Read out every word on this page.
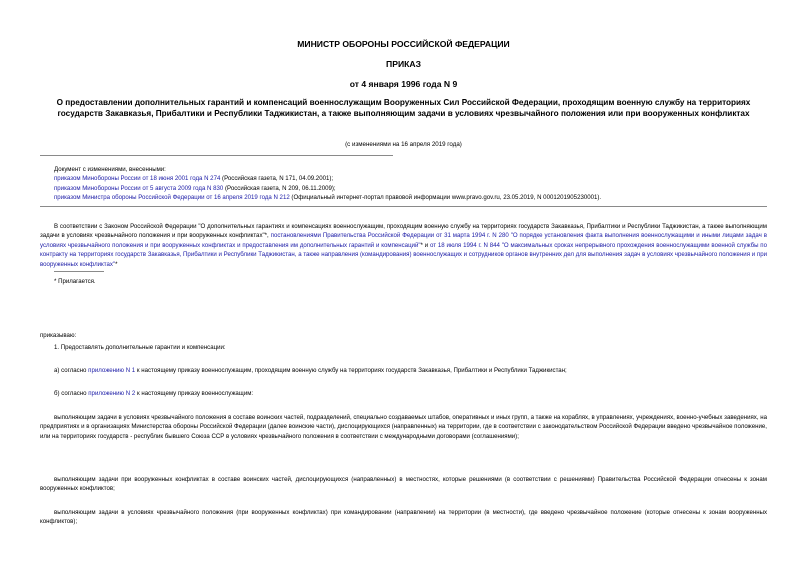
МИНИСТР ОБОРОНЫ РОССИЙСКОЙ ФЕДЕРАЦИИ
ПРИКАЗ
от 4 января 1996 года N 9
О предоставлении дополнительных гарантий и компенсаций военнослужащим Вооруженных Сил Российской Федерации, проходящим военную службу на территориях государств Закавказья, Прибалтики и Республики Таджикистан, а также выполняющим задачи в условиях чрезвычайного положения или при вооруженных конфликтах
(с изменениями на 16 апреля 2019 года)
Документ с изменениями, внесенными:
приказом Минобороны России от 18 июня 2001 года N 274 (Российская газета, N 171, 04.09.2001);
приказом Минобороны России от 5 августа 2009 года N 830 (Российская газета, N 209, 06.11.2009);
приказом Министра обороны Российской Федерации от 16 апреля 2019 года N 212 (Официальный интернет-портал правовой информации www.pravo.gov.ru, 23.05.2019, N 0001201905230001).
В соответствии с Законом Российской Федерации "О дополнительных гарантиях и компенсациях военнослужащим, проходящим военную службу на территориях государств Закавказья, Прибалтики и Республики Таджикистан, а также выполняющим задачи в условиях чрезвычайного положения и при вооруженных конфликтах"*, постановлениями Правительства Российской Федерации от 31 марта 1994 г. N 280 "О порядке установления факта выполнения военнослужащими и иными лицами задач в условиях чрезвычайного положения и при вооруженных конфликтах и предоставления им дополнительных гарантий и компенсаций"* и от 18 июля 1994 г. N 844 "О максимальных сроках непрерывного прохождения военнослужащими военной службы по контракту на территориях государств Закавказья, Прибалтики и Республики Таджикистан, а также направления (командирования) военнослужащих и сотрудников органов внутренних дел для выполнения задач в условиях чрезвычайного положения и при вооруженных конфликтах"*
* Прилагается.
приказываю:
1. Предоставлять дополнительные гарантии и компенсации:
а) согласно приложению N 1 к настоящему приказу военнослужащим, проходящим военную службу на территориях государств Закавказья, Прибалтики и Республики Таджикистан;
б) согласно приложению N 2 к настоящему приказу военнослужащим:
выполняющим задачи в условиях чрезвычайного положения в составе воинских частей, подразделений, специально создаваемых штабов, оперативных и иных групп, а также на кораблях, в управлениях, учреждениях, военно-учебных заведениях, на предприятиях и в организациях Министерства обороны Российской Федерации (далее воинские части), дислоцирующихся (направленных) на территории, где в соответствии с законодательством Российской Федерации введено чрезвычайное положение, или на территориях государств - республик бывшего Союза ССР в условиях чрезвычайного положения в соответствии с международными договорами (соглашениями);
выполняющим задачи при вооруженных конфликтах в составе воинских частей, дислоцирующихся (направленных) в местностях, которые решениями (в соответствии с решениями) Правительства Российской Федерации отнесены к зонам вооруженных конфликтов;
выполняющим задачи в условиях чрезвычайного положения (при вооруженных конфликтах) при командировании (направлении) на территории (в местности), где введено чрезвычайное положение (которые отнесены к зонам вооруженных конфликтов);
